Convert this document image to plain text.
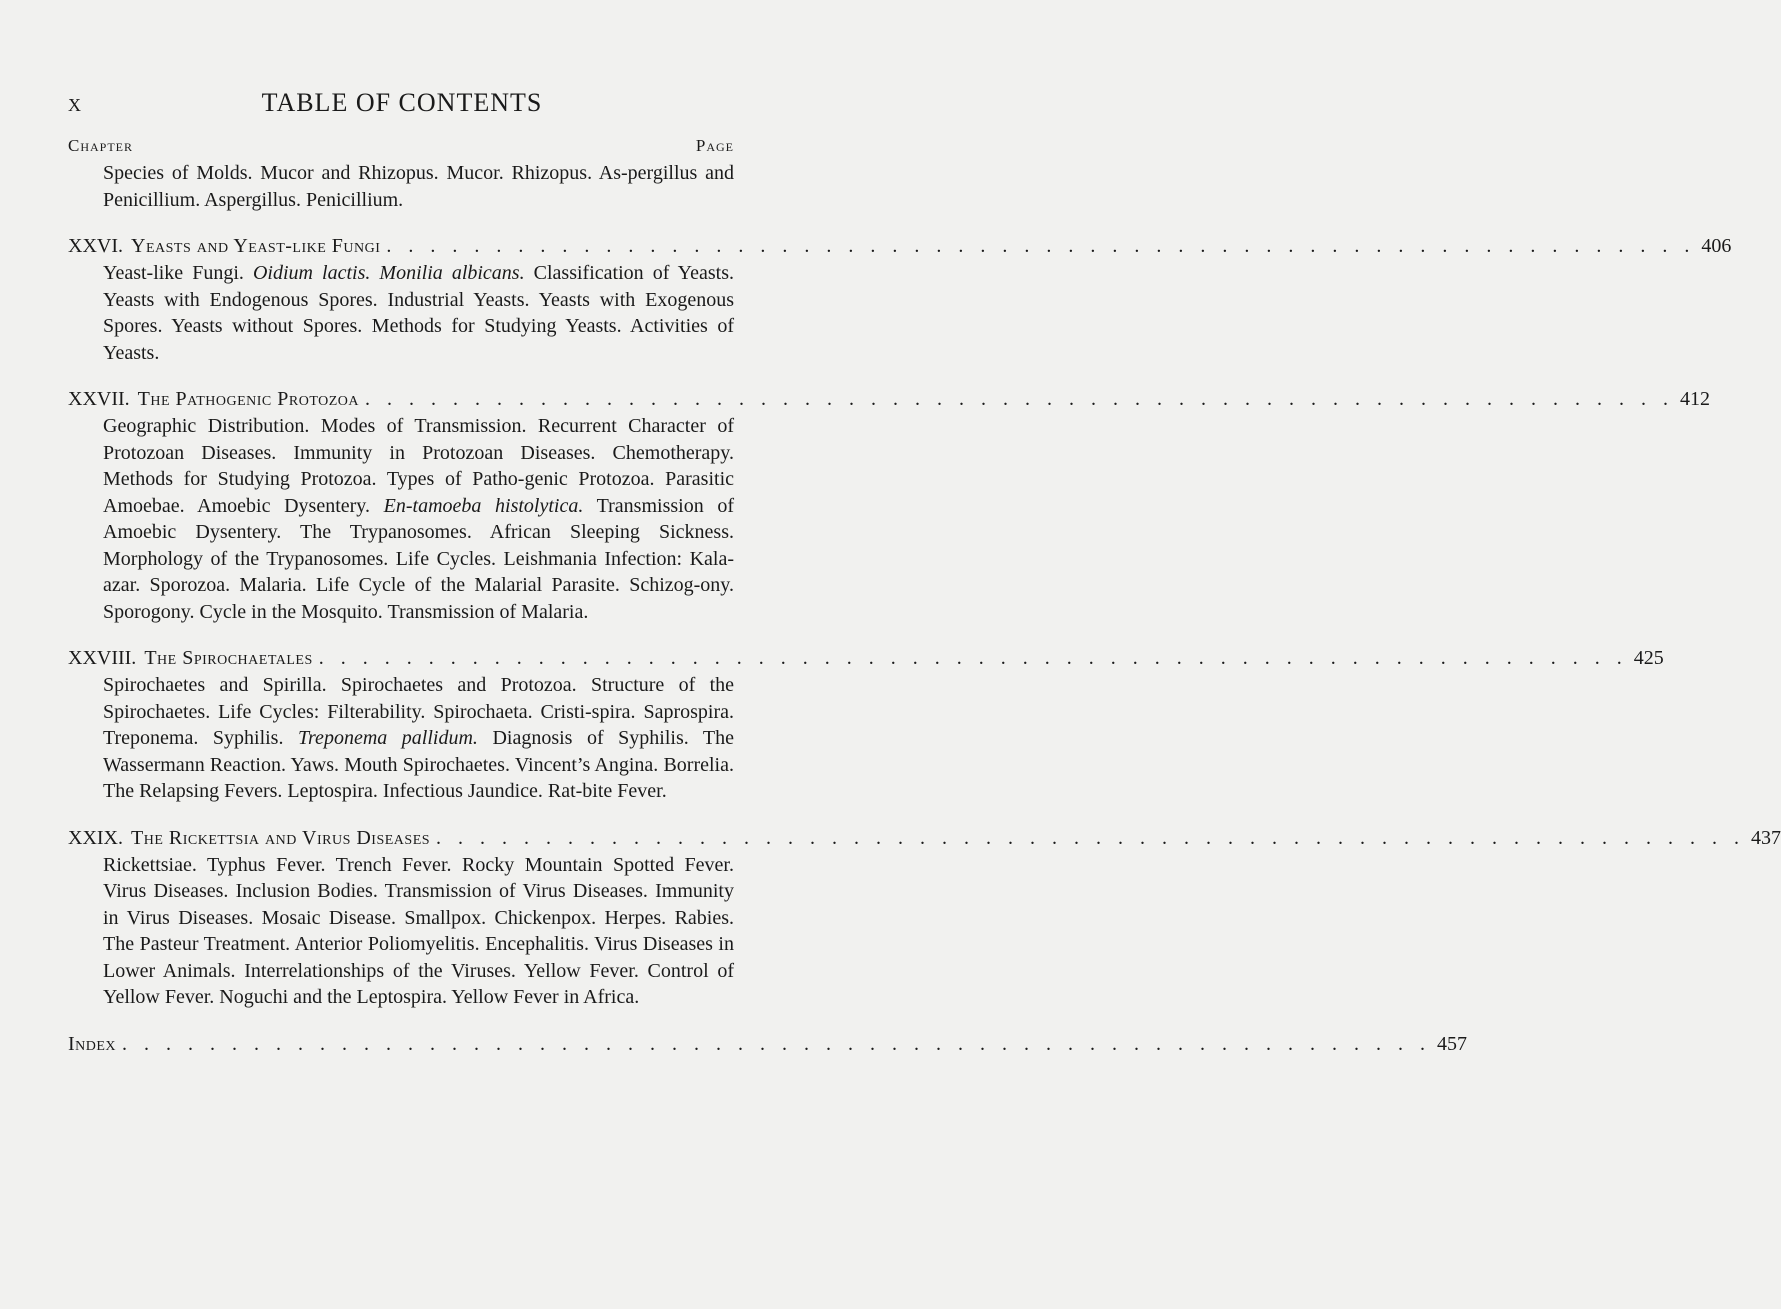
x	TABLE OF CONTENTS
Chapter	Page
Species of Molds. Mucor and Rhizopus. Mucor. Rhizopus. As-pergillus and Penicillium. Aspergillus. Penicillium.
XXVI. Yeasts and Yeast-like Fungi . . . . . . . . . . . . . . . . . . . . . . . . . . . . . . . . . . . . . . . . . . . . . . . . . . . . . . . . . . . . 406
Yeast-like Fungi. Oidium lactis. Monilia albicans. Classification of Yeasts. Yeasts with Endogenous Spores. Industrial Yeasts. Yeasts with Exogenous Spores. Yeasts without Spores. Methods for Studying Yeasts. Activities of Yeasts.
XXVII. The Pathogenic Protozoa . . . . . . . . . . . . . . . . . . . . . . . . . . . . . . . . . . . . . . . . . . . . . . . . . . . . . . . . . . . . 412
Geographic Distribution. Modes of Transmission. Recurrent Character of Protozoan Diseases. Immunity in Protozoan Diseases. Chemotherapy. Methods for Studying Protozoa. Types of Patho-genic Protozoa. Parasitic Amoebae. Amoebic Dysentery. En-tamoeba histolytica. Transmission of Amoebic Dysentery. The Trypanosomes. African Sleeping Sickness. Morphology of the Trypanosomes. Life Cycles. Leishmania Infection: Kala-azar. Sporozoa. Malaria. Life Cycle of the Malarial Parasite. Schizog-ony. Sporogony. Cycle in the Mosquito. Transmission of Malaria.
XXVIII. The Spirochaetales . . . . . . . . . . . . . . . . . . . . . . . . . . . . . . . . . . . . . . . . . . . . . . . . . . . . . . . . . . . . 425
Spirochaetes and Spirilla. Spirochaetes and Protozoa. Structure of the Spirochaetes. Life Cycles: Filterability. Spirochaeta. Cristi-spira. Saprospira. Treponema. Syphilis. Treponema pallidum. Diagnosis of Syphilis. The Wassermann Reaction. Yaws. Mouth Spirochaetes. Vincent’s Angina. Borrelia. The Relapsing Fevers. Leptospira. Infectious Jaundice. Rat-bite Fever.
XXIX. The Rickettsia and Virus Diseases . . . . . . . . . . . . . . . . . . . . . . . . . . . . . . . . . . . . . . . . . . . . . . . . . . . . . . . . . . . . 437
Rickettsiae. Typhus Fever. Trench Fever. Rocky Mountain Spotted Fever. Virus Diseases. Inclusion Bodies. Transmission of Virus Diseases. Immunity in Virus Diseases. Mosaic Disease. Smallpox. Chickenpox. Herpes. Rabies. The Pasteur Treatment. Anterior Poliomyelitis. Encephalitis. Virus Diseases in Lower Animals. Interrelationships of the Viruses. Yellow Fever. Control of Yellow Fever. Noguchi and the Leptospira. Yellow Fever in Africa.
Index . . . . . . . . . . . . . . . . . . . . . . . . . . . . . . . . . . . . . . . . . . . . . . . . . . . . . . . . . . . . 457
